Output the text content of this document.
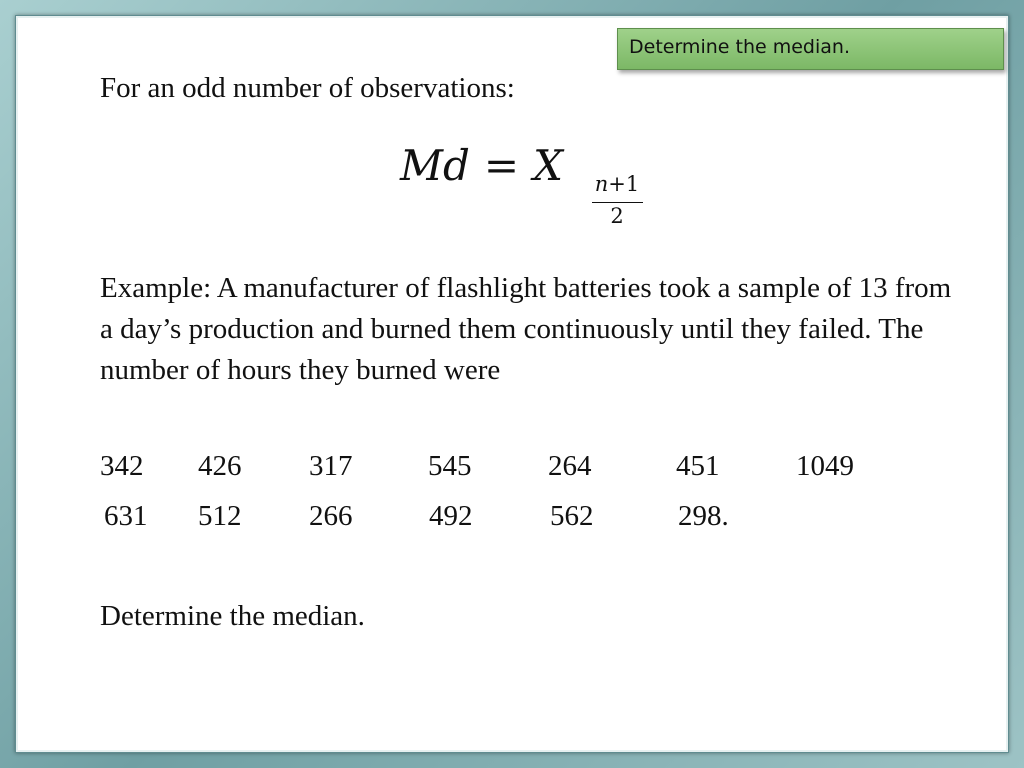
Determine the median.
For an odd number of observations:
Md = X n+1
2
Example: A manufacturer of flashlight batteries took a sample of 13 from a day’s production and burned them continuously until they failed. The number of hours they burned were
342 426 317	545	264	451	1049
631 512 266	492	562	298.
Determine the median.
